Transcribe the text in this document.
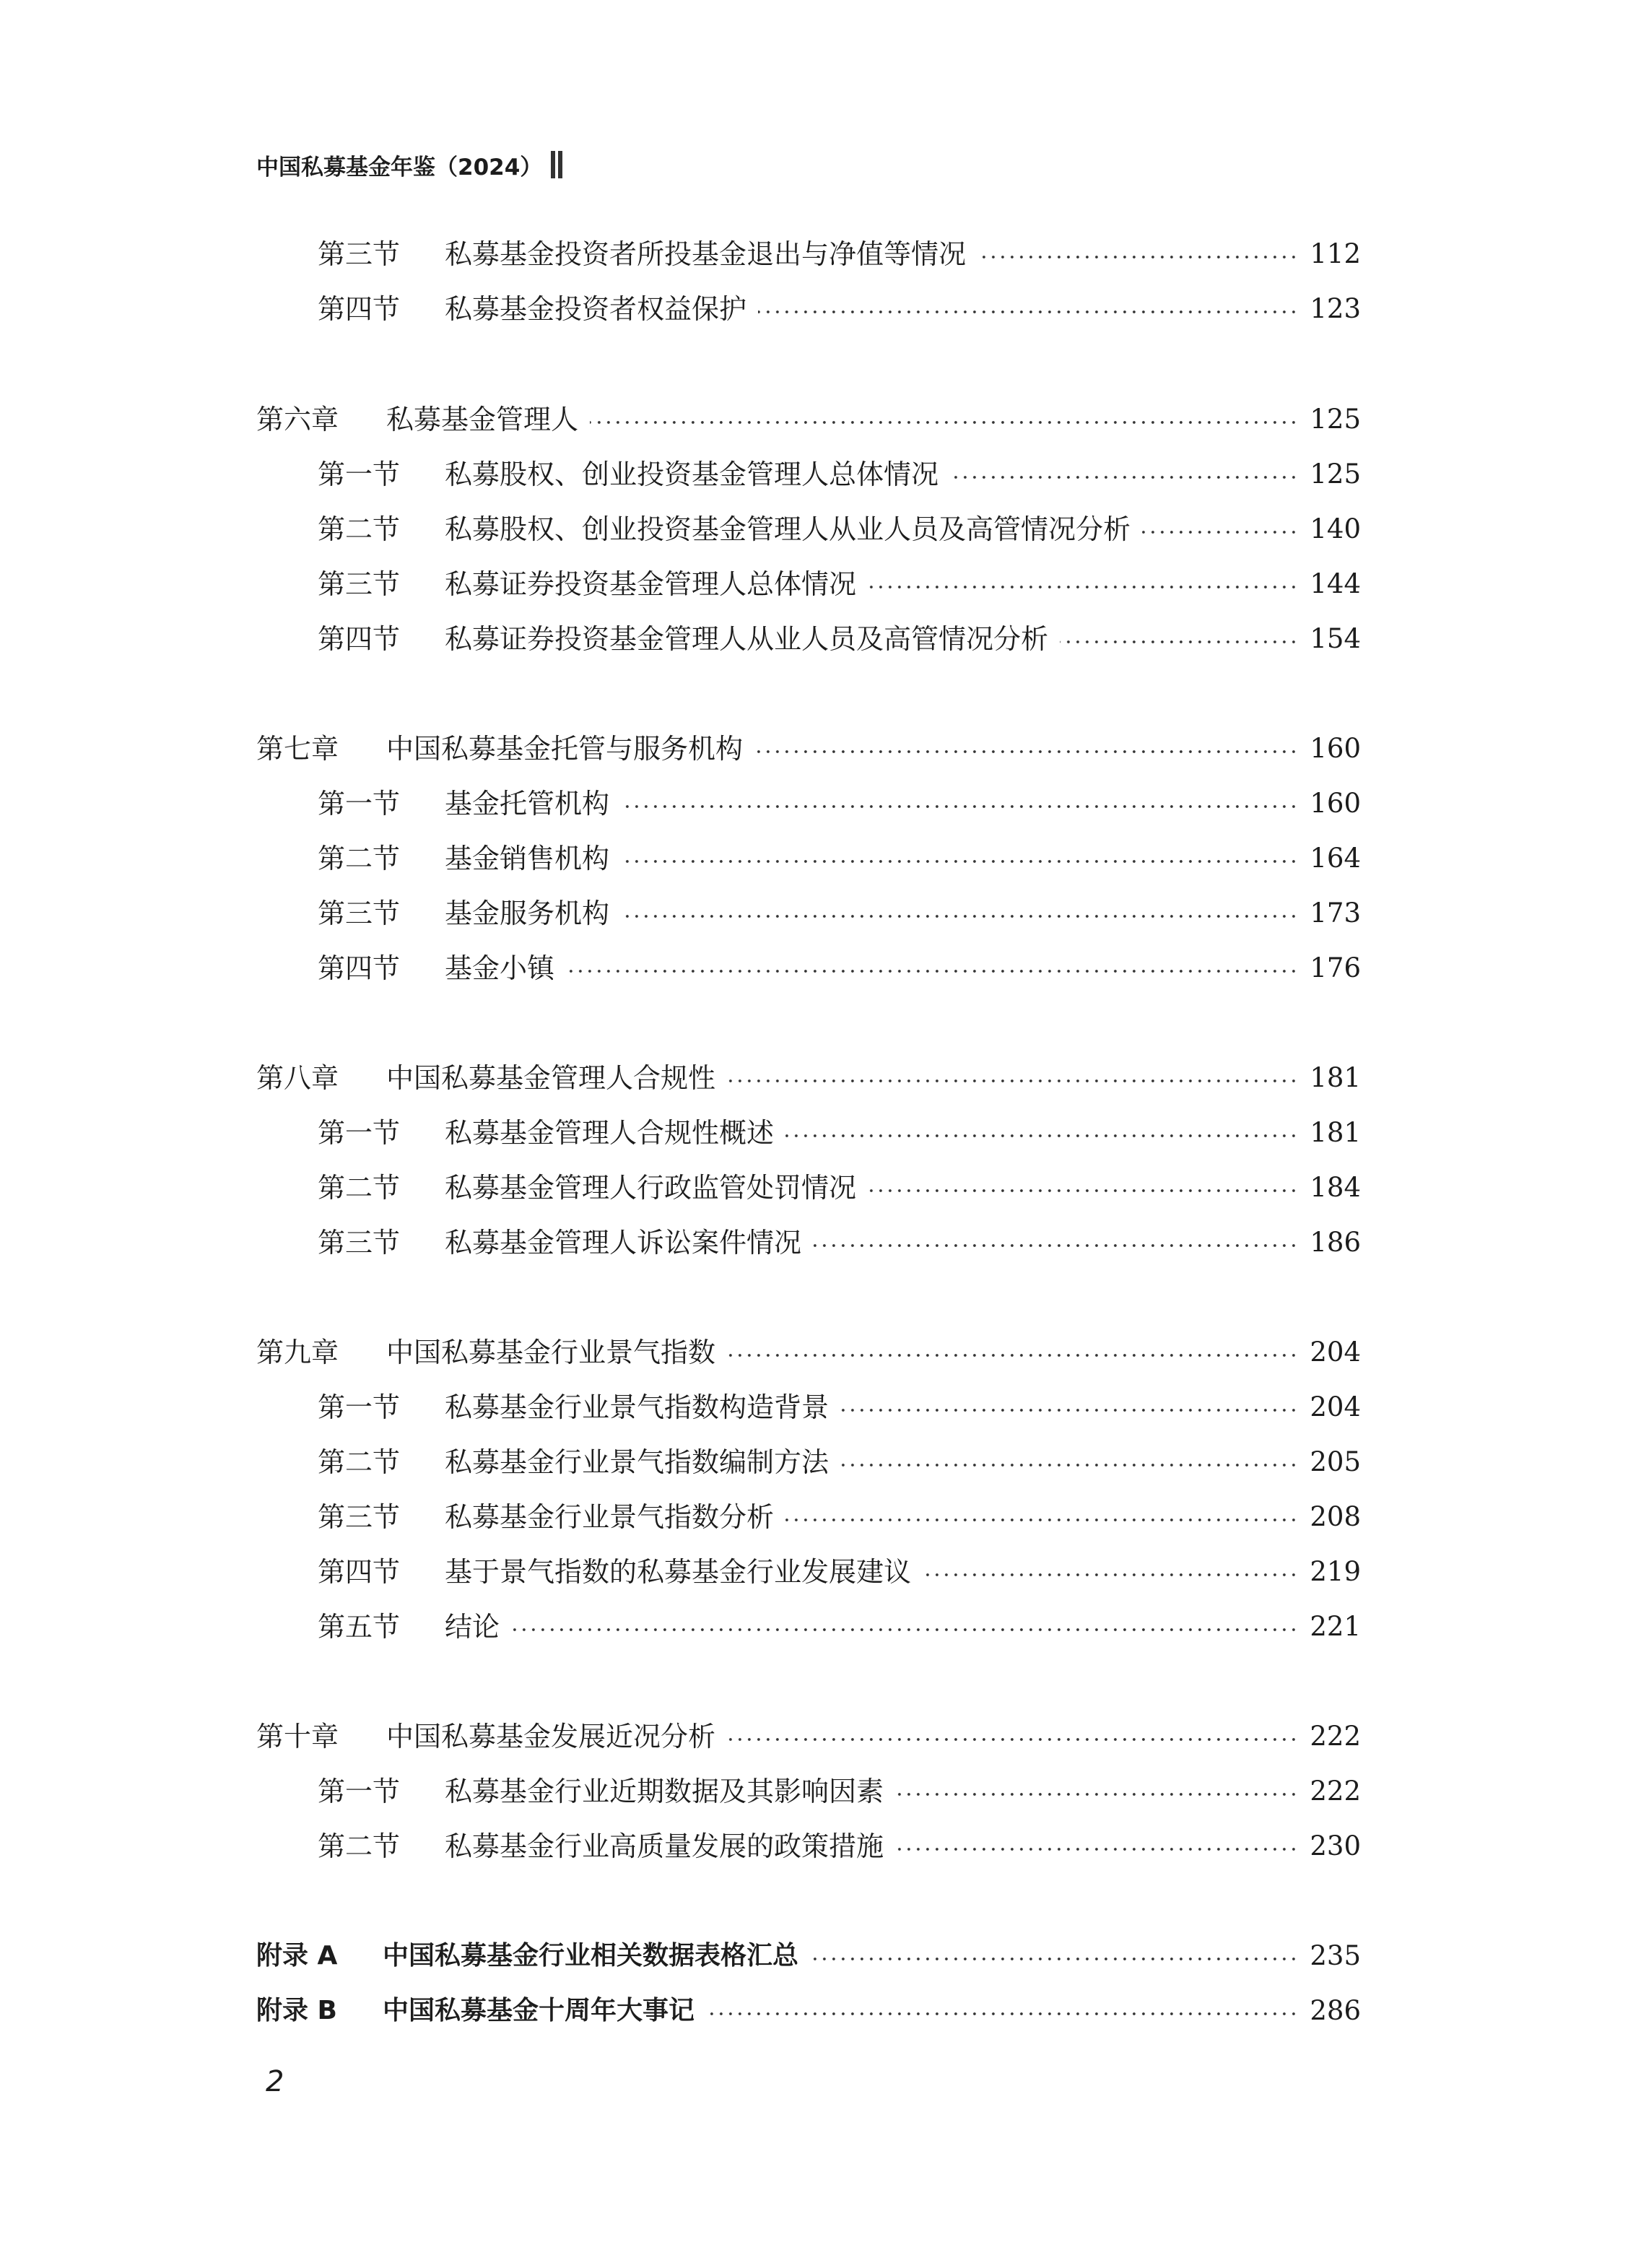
中国私募基金年鉴（2024）
第三节	私募基金投资者所投基金退出与净值等情况	112
第四节	私募基金投资者权益保护	123
第六章	私募基金管理人	125
第一节	私募股权、创业投资基金管理人总体情况	125
第二节	私募股权、创业投资基金管理人从业人员及高管情况分析	140
第三节	私募证券投资基金管理人总体情况	144
第四节	私募证券投资基金管理人从业人员及高管情况分析	154
第七章	中国私募基金托管与服务机构	160
第一节	基金托管机构	160
第二节	基金销售机构	164
第三节	基金服务机构	173
第四节	基金小镇	176
第八章	中国私募基金管理人合规性	181
第一节	私募基金管理人合规性概述	181
第二节	私募基金管理人行政监管处罚情况	184
第三节	私募基金管理人诉讼案件情况	186
第九章	中国私募基金行业景气指数	204
第一节	私募基金行业景气指数构造背景	204
第二节	私募基金行业景气指数编制方法	205
第三节	私募基金行业景气指数分析	208
第四节	基于景气指数的私募基金行业发展建议	219
第五节	结论	221
第十章	中国私募基金发展近况分析	222
第一节	私募基金行业近期数据及其影响因素	222
第二节	私募基金行业高质量发展的政策措施	230
附录 A	中国私募基金行业相关数据表格汇总	235
附录 B	中国私募基金十周年大事记	286
2
